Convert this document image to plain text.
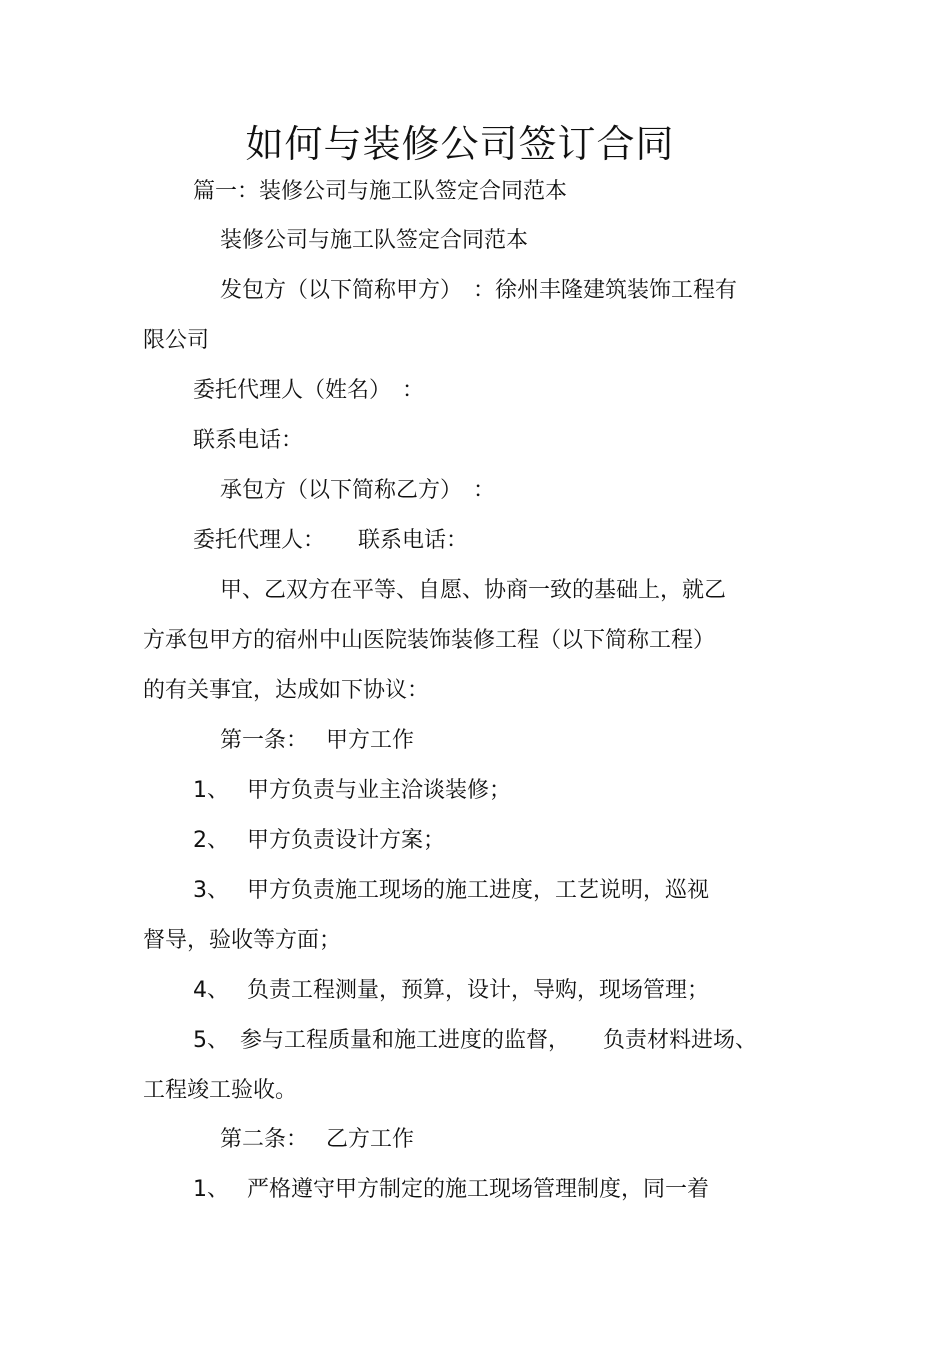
如何与装修公司签订合同
篇一：装修公司与施工队签定合同范本
装修公司与施工队签定合同范本
发包方（以下简称甲方）　：徐州丰隆建筑装饰工程有
限公司
委托代理人（姓名）　：
联系电话：
承包方（以下简称乙方）　：
委托代理人：　　联系电话：
甲、乙双方在平等、自愿、协商一致的基础上，就乙
方承包甲方的宿州中山医院装饰装修工程（以下简称工程）
的有关事宜，达成如下协议：
第一条：　 甲方工作
1、　 甲方负责与业主洽谈装修；
2、　 甲方负责设计方案；
3、　 甲方负责施工现场的施工进度，工艺说明，巡视
督导，验收等方面；
4、　 负责工程测量，预算，设计，导购，现场管理；
5、　参与工程质量和施工进度的监督，　　负责材料进场、
工程竣工验收。
第二条：　 乙方工作
1、　 严格遵守甲方制定的施工现场管理制度，同一着
